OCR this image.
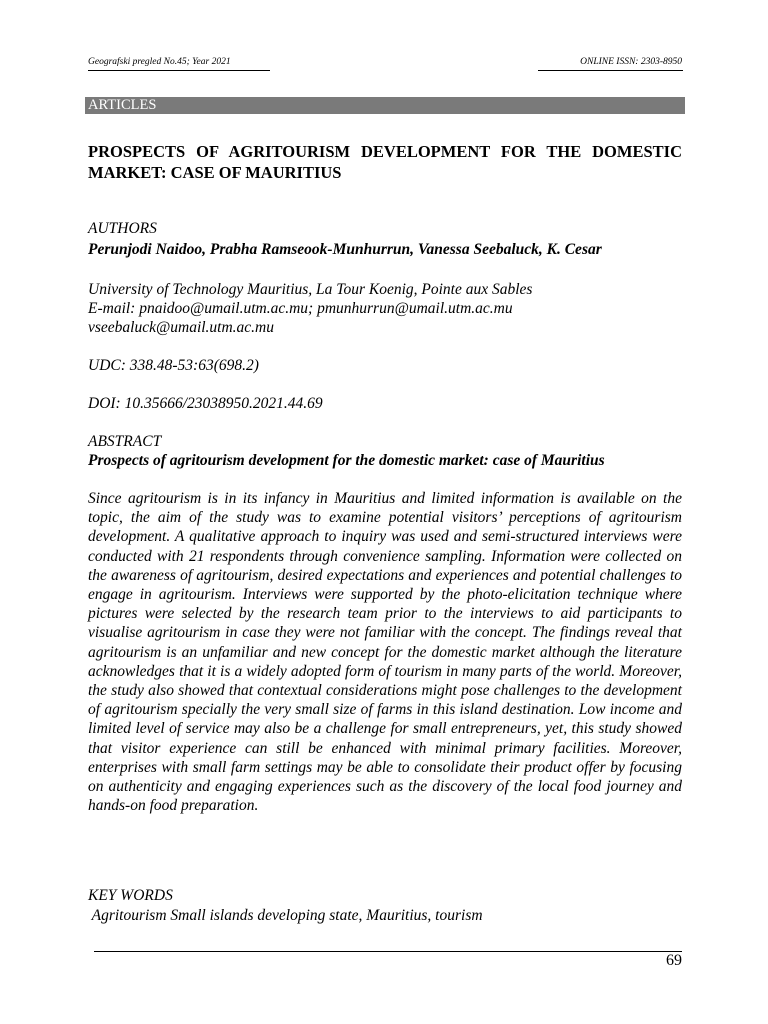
Geografski pregled No.45; Year 2021	ONLINE ISSN: 2303-8950
ARTICLES
PROSPECTS OF AGRITOURISM DEVELOPMENT FOR THE DOMESTIC MARKET: CASE OF MAURITIUS
AUTHORS
Perunjodi Naidoo, Prabha Ramseook-Munhurrun, Vanessa Seebaluck, K. Cesar
University of Technology Mauritius, La Tour Koenig, Pointe aux Sables
E-mail: pnaidoo@umail.utm.ac.mu; pmunhurrun@umail.utm.ac.mu
vseebaluck@umail.utm.ac.mu
UDC: 338.48-53:63(698.2)
DOI: 10.35666/23038950.2021.44.69
ABSTRACT
Prospects of agritourism development for the domestic market: case of Mauritius
Since agritourism is in its infancy in Mauritius and limited information is available on the topic, the aim of the study was to examine potential visitors’ perceptions of agritourism development. A qualitative approach to inquiry was used and semi-structured interviews were conducted with 21 respondents through convenience sampling. Information were collected on the awareness of agritourism, desired expectations and experiences and potential challenges to engage in agritourism. Interviews were supported by the photo-elicitation technique where pictures were selected by the research team prior to the interviews to aid participants to visualise agritourism in case they were not familiar with the concept. The findings reveal that agritourism is an unfamiliar and new concept for the domestic market although the literature acknowledges that it is a widely adopted form of tourism in many parts of the world. Moreover, the study also showed that contextual considerations might pose challenges to the development of agritourism specially the very small size of farms in this island destination. Low income and limited level of service may also be a challenge for small entrepreneurs, yet, this study showed that visitor experience can still be enhanced with minimal primary facilities. Moreover, enterprises with small farm settings may be able to consolidate their product offer by focusing on authenticity and engaging experiences such as the discovery of the local food journey and hands-on food preparation.
KEY WORDS
Agritourism Small islands developing state, Mauritius, tourism
69
